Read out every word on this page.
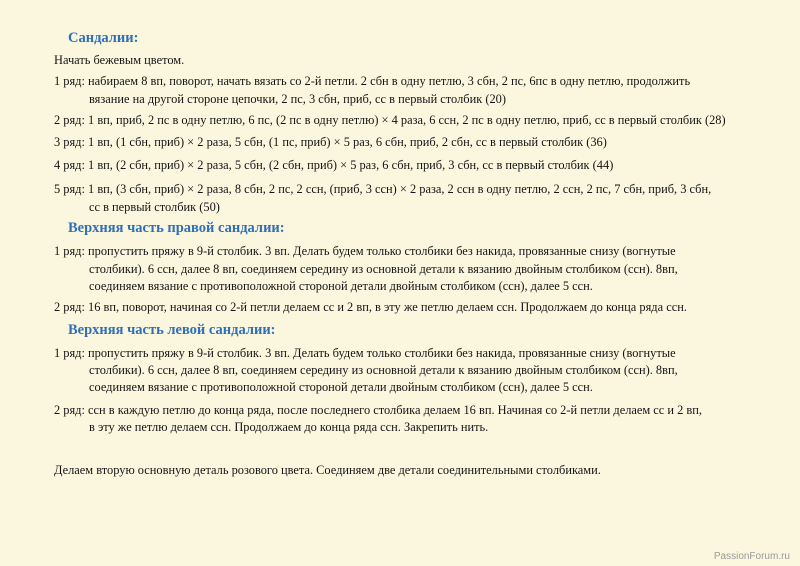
Сандалии:
Начать бежевым цветом.
1 ряд: набираем 8 вп, поворот, начать вязать со 2-й петли. 2 сбн в одну петлю, 3 сбн, 2 пс, 6пс в одну петлю, продолжить
вязание на другой стороне цепочки, 2 пс, 3 сбн, приб, сс в первый столбик (20)
2 ряд: 1 вп, приб, 2 пс в одну петлю, 6 пс, (2 пс в одну петлю) × 4 раза, 6 ссн, 2 пс в одну петлю, приб, сс в первый столбик (28)
3 ряд: 1 вп, (1 сбн, приб) × 2 раза, 5 сбн, (1 пс, приб) × 5 раз, 6 сбн, приб, 2 сбн, сс в первый столбик (36)
4 ряд: 1 вп, (2 сбн, приб) × 2 раза, 5 сбн, (2 сбн, приб) × 5 раз, 6 сбн, приб, 3 сбн, сс в первый столбик (44)
5 ряд: 1 вп, (3 сбн, приб) × 2 раза, 8 сбн, 2 пс, 2 ссн, (приб, 3 ссн) × 2 раза, 2 ссн в одну петлю, 2 ссн, 2 пс, 7 сбн, приб, 3 сбн,
сс в первый столбик (50)
Верхняя часть правой сандалии:
1 ряд: пропустить пряжу в 9-й столбик. 3 вп. Делать будем только столбики без накида, провязанные снизу (вогнутые
столбики). 6 ссн, далее 8 вп, соединяем середину из основной детали к вязанию двойным столбиком (ссн). 8вп,
соединяем вязание с противоположной стороной детали двойным столбиком (ссн), далее 5 ссн.
2 ряд: 16 вп, поворот, начиная со 2-й петли делаем сс и 2 вп, в эту же петлю делаем ссн. Продолжаем до конца ряда ссн.
Верхняя часть левой сандалии:
1 ряд: пропустить пряжу в 9-й столбик. 3 вп. Делать будем только столбики без накида, провязанные снизу (вогнутые
столбики). 6 ссн, далее 8 вп, соединяем середину из основной детали к вязанию двойным столбиком (ссн). 8вп,
соединяем вязание с противоположной стороной детали двойным столбиком (ссн), далее 5 ссн.
2 ряд: ссн в каждую петлю до конца ряда, после последнего столбика делаем 16 вп. Начиная со 2-й петли делаем сс и 2 вп,
в эту же петлю делаем ссн. Продолжаем до конца ряда ссн. Закрепить нить.
Делаем вторую основную деталь розового цвета. Соединяем две детали соединительными столбиками.
PassionForum.ru
